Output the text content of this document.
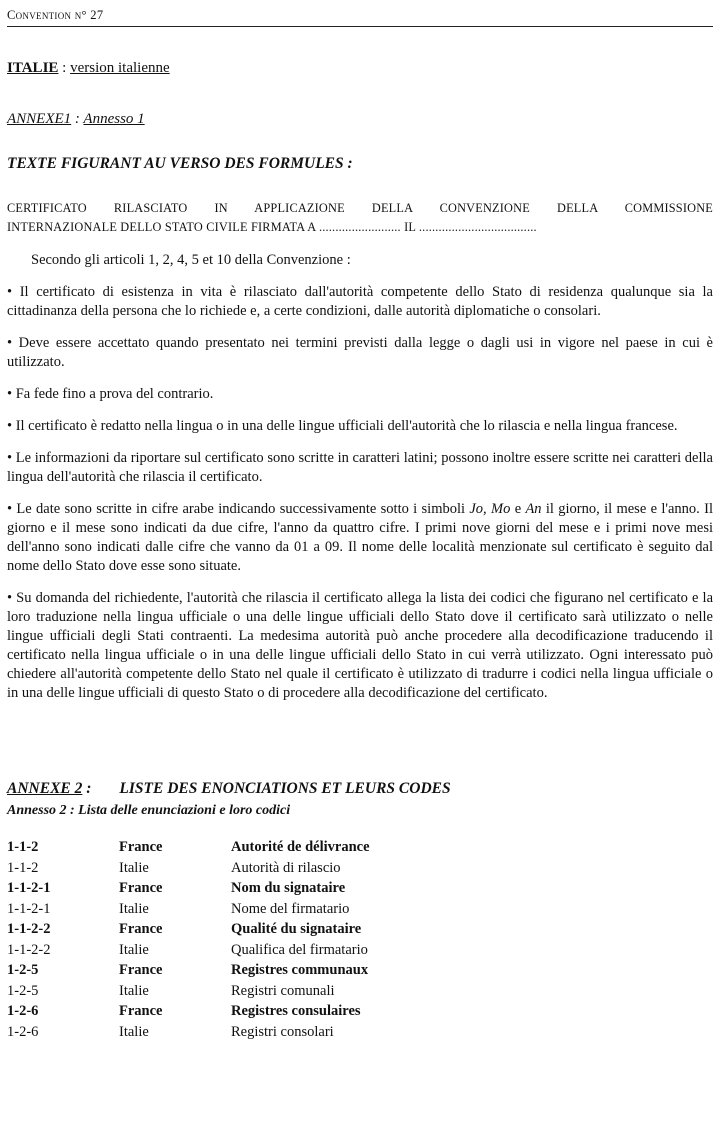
Convention n° 27
ITALIE : version italienne
ANNEXE1 : Annesso 1
TEXTE FIGURANT AU VERSO DES FORMULES :
CERTIFICATO RILASCIATO IN APPLICAZIONE DELLA CONVENZIONE DELLA COMMISSIONE
INTERNAZIONALE DELLO STATO CIVILE FIRMATA A ......................... IL ....................................
Secondo gli articoli 1, 2, 4, 5 et 10 della Convenzione :
• Il certificato di esistenza in vita è rilasciato dall'autorità competente dello Stato di residenza qualunque sia la cittadinanza della persona che lo richiede e, a certe condizioni, dalle autorità diplomatiche o consolari.
• Deve essere accettato quando presentato nei termini previsti dalla legge o dagli usi in vigore nel paese in cui è utilizzato.
• Fa fede fino a prova del contrario.
• Il certificato è redatto nella lingua o in una delle lingue ufficiali dell'autorità che lo rilascia e nella lingua francese.
• Le informazioni da riportare sul certificato sono scritte in caratteri latini; possono inoltre essere scritte nei caratteri della lingua dell'autorità che rilascia il certificato.
• Le date sono scritte in cifre arabe indicando successivamente sotto i simboli Jo, Mo e An il giorno, il mese e l'anno. Il giorno e il mese sono indicati da due cifre, l'anno da quattro cifre. I primi nove giorni del mese e i primi nove mesi dell'anno sono indicati dalle cifre che vanno da 01 a 09. Il nome delle località menzionate sul certificato è seguito dal nome dello Stato dove esse sono situate.
• Su domanda del richiedente, l'autorità che rilascia il certificato allega la lista dei codici che figurano nel certificato e la loro traduzione nella lingua ufficiale o una delle lingue ufficiali dello Stato dove il certificato sarà utilizzato o nelle lingue ufficiali degli Stati contraenti. La medesima autorità può anche procedere alla decodificazione traducendo il certificato nella lingua ufficiale o in una delle lingue ufficiali dello Stato in cui verrà utilizzato. Ogni interessato può chiedere all'autorità competente dello Stato nel quale il certificato è utilizzato di tradurre i codici nella lingua ufficiale o in una delle lingue ufficiali di questo Stato o di procedere alla decodificazione del certificato.
ANNEXE 2 : LISTE DES ENONCIATIONS ET LEURS CODES
Annesso 2 : Lista delle enunciazioni e loro codici
1-1-2	France	Autorité de délivrance
1-1-2	Italie	Autorità di rilascio
1-1-2-1	France	Nom du signataire
1-1-2-1	Italie	Nome del firmatario
1-1-2-2	France	Qualité du signataire
1-1-2-2	Italie	Qualifica del firmatario
1-2-5	France	Registres communaux
1-2-5	Italie	Registri comunali
1-2-6	France	Registres consulaires
1-2-6	Italie	Registri consolari
